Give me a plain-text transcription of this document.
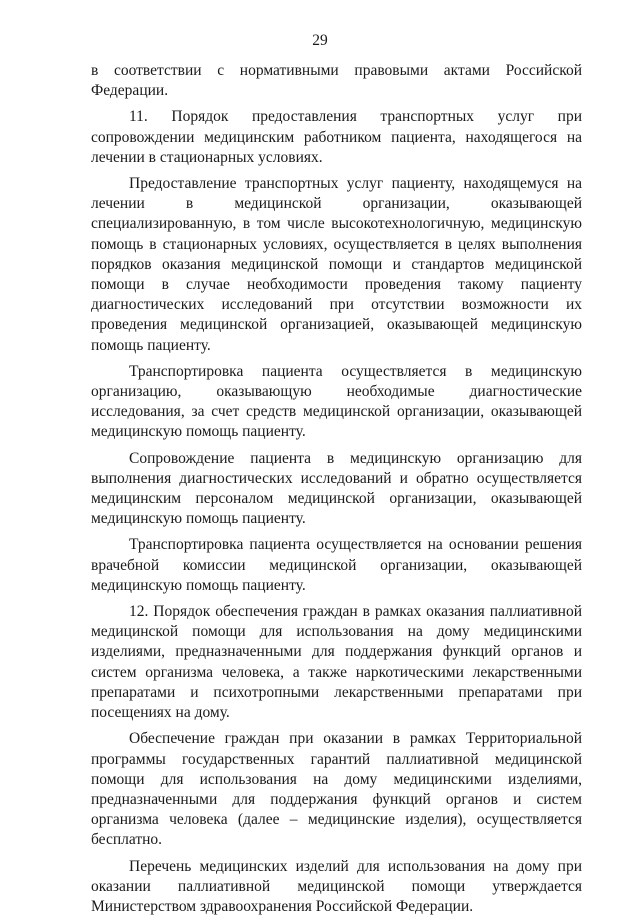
29

в соответствии с нормативными правовыми актами Российской Федерации.

11. Порядок предоставления транспортных услуг при сопровождении медицинским работником пациента, находящегося на лечении в стационарных условиях.

Предоставление транспортных услуг пациенту, находящемуся на лечении в медицинской организации, оказывающей специализированную, в том числе высокотехнологичную, медицинскую помощь в стационарных условиях, осуществляется в целях выполнения порядков оказания медицинской помощи и стандартов медицинской помощи в случае необходимости проведения такому пациенту диагностических исследований при отсутствии возможности их проведения медицинской организацией, оказывающей медицинскую помощь пациенту.

Транспортировка пациента осуществляется в медицинскую организацию, оказывающую необходимые диагностические исследования, за счет средств медицинской организации, оказывающей медицинскую помощь пациенту.

Сопровождение пациента в медицинскую организацию для выполнения диагностических исследований и обратно осуществляется медицинским персоналом медицинской организации, оказывающей медицинскую помощь пациенту.

Транспортировка пациента осуществляется на основании решения врачебной комиссии медицинской организации, оказывающей медицинскую помощь пациенту.

12. Порядок обеспечения граждан в рамках оказания паллиативной медицинской помощи для использования на дому медицинскими изделиями, предназначенными для поддержания функций органов и систем организма человека, а также наркотическими лекарственными препаратами и психотропными лекарственными препаратами при посещениях на дому.

Обеспечение граждан при оказании в рамках Территориальной программы государственных гарантий паллиативной медицинской помощи для использования на дому медицинскими изделиями, предназначенными для поддержания функций органов и систем организма человека (далее – медицинские изделия), осуществляется бесплатно.

Перечень медицинских изделий для использования на дому при оказании паллиативной медицинской помощи утверждается Министерством здравоохранения Российской Федерации.
